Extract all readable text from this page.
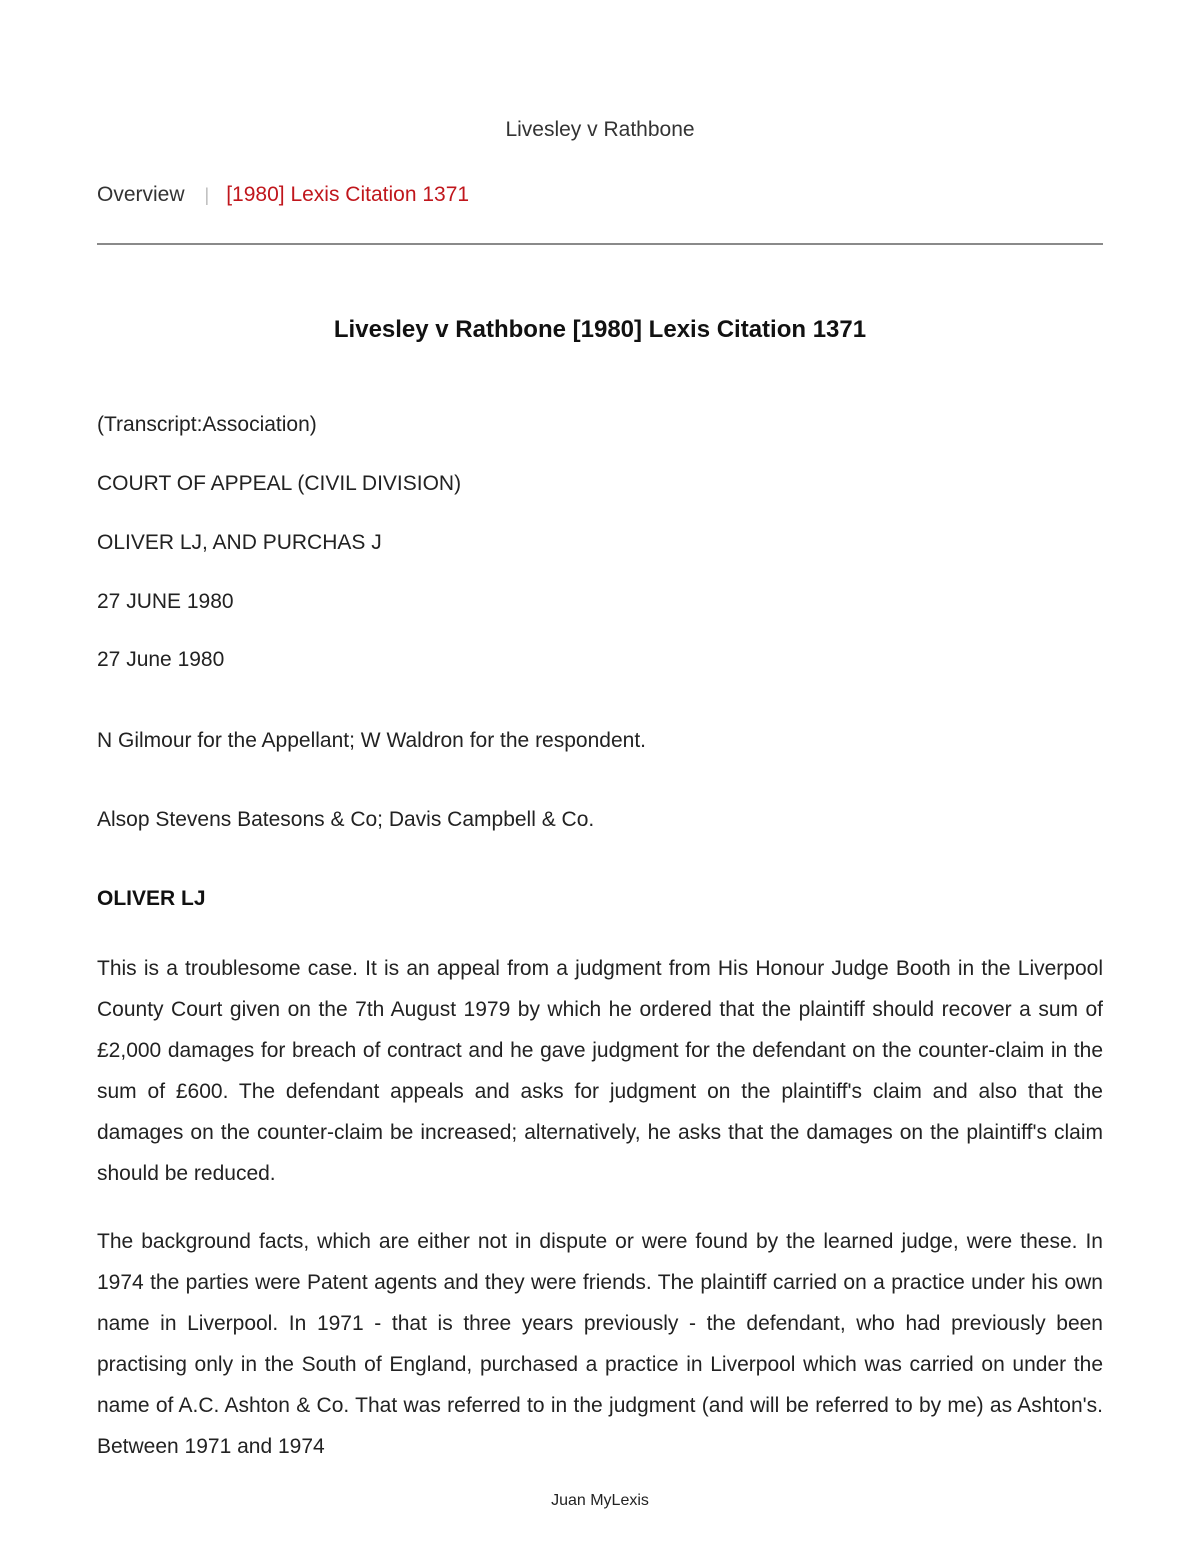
Livesley v Rathbone
Overview | [1980] Lexis Citation 1371
Livesley v Rathbone [1980] Lexis Citation 1371

(Transcript:Association)

COURT OF APPEAL (CIVIL DIVISION)

OLIVER LJ, AND PURCHAS J

27 JUNE 1980

27 June 1980

N Gilmour for the Appellant; W Waldron for the respondent.

Alsop Stevens Batesons & Co; Davis Campbell & Co.

OLIVER LJ

This is a troublesome case. It is an appeal from a judgment from His Honour Judge Booth in the Liverpool County Court given on the 7th August 1979 by which he ordered that the plaintiff should recover a sum of £2,000 damages for breach of contract and he gave judgment for the defendant on the counter-claim in the sum of £600. The defendant appeals and asks for judgment on the plaintiff's claim and also that the damages on the counter-claim be increased; alternatively, he asks that the damages on the plaintiff's claim should be reduced.

The background facts, which are either not in dispute or were found by the learned judge, were these. In 1974 the parties were Patent agents and they were friends. The plaintiff carried on a practice under his own name in Liverpool. In 1971 - that is three years previously - the defendant, who had previously been practising only in the South of England, purchased a practice in Liverpool which was carried on under the name of A.C. Ashton & Co. That was referred to in the judgment (and will be referred to by me) as Ashton's. Between 1971 and 1974

Juan MyLexis
